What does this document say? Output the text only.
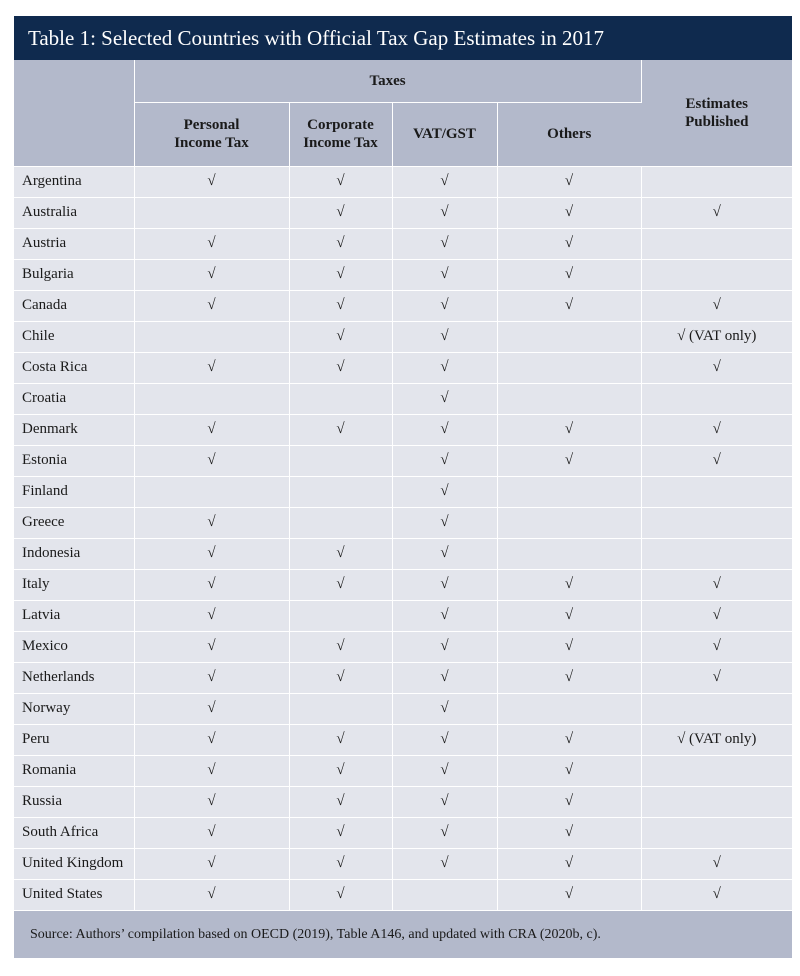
Table 1: Selected Countries with Official Tax Gap Estimates in 2017
	Taxes				Estimates
Published
	Personal
Income Tax	Corporate
Income Tax	VAT/GST	Others	
Argentina	√	√	√	√	
Australia		√	√	√	√
Austria	√	√	√	√	
Bulgaria	√	√	√	√	
Canada	√	√	√	√	√
Chile		√	√		√ (VAT only)
Costa Rica	√	√	√		√
Croatia			√		
Denmark	√	√	√	√	√
Estonia	√		√	√	√
Finland			√		
Greece	√		√		
Indonesia	√	√	√		
Italy	√	√	√	√	√
Latvia	√		√	√	√
Mexico	√	√	√	√	√
Netherlands	√	√	√	√	√
Norway	√		√		
Peru	√	√	√	√	√ (VAT only)
Romania	√	√	√	√	
Russia	√	√	√	√	
South Africa	√	√	√	√	
United Kingdom	√	√	√	√	√
United States	√	√		√	√
Source: Authors’ compilation based on OECD (2019), Table A146, and updated with CRA (2020b, c).
